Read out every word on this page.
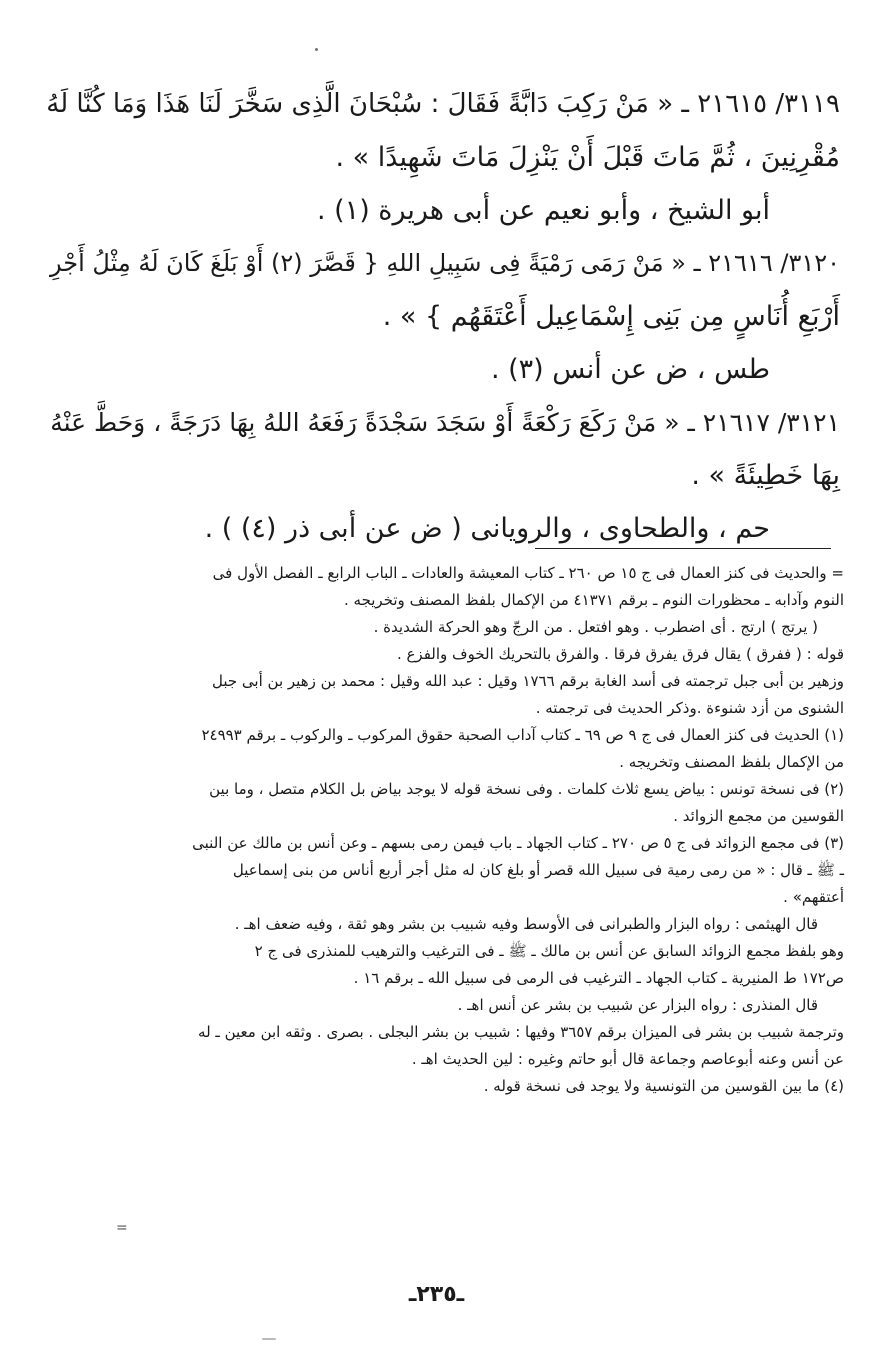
٣١١٩/ ٢١٦١٥ ـ « مَنْ رَكِبَ دَابَّةً فَقَالَ : سُبْحَانَ الَّذِى سَخَّرَ لَنَا هَذَا وَمَا كُنَّا لَهُ

مُقْرِنِينَ ، ثُمَّ مَاتَ قَبْلَ أَنْ يَنْزِلَ مَاتَ شَهِيدًا » .

أبو الشيخ ، وأبو نعيم عن أبى هريرة (١) .

٣١٢٠/ ٢١٦١٦ ـ « مَنْ رَمَى رَمْيَةً فِى سَبِيلِ اللهِ { قَصَّرَ (٢) أَوْ بَلَغَ كَانَ لَهُ مِثْلُ أَجْرِ

أَرْبَعِ أُنَاسٍ مِن بَنِى إِسْمَاعِيل أَعْتَقَهُم } » .

طس ، ض عن أنس (٣) .

٣١٢١/ ٢١٦١٧ ـ « مَنْ رَكَعَ رَكْعَةً أَوْ سَجَدَ سَجْدَةً رَفَعَهُ اللهُ بِهَا دَرَجَةً ، وَحَطَّ عَنْهُ

بِهَا خَطِيئَةً » .

حم ، والطحاوى ، والرويانى ( ض عن أبى ذر (٤) ) .

= والحديث فى كنز العمال فى ج ١٥ ص ٢٦٠ ـ كتاب المعيشة والعادات ـ الباب الرابع ـ الفصل الأول فى

النوم وآدابه ـ محظورات النوم ـ برقم ٤١٣٧١ من الإكمال بلفظ المصنف وتخريجه .

( يرتج ) ارتج . أى اضطرب . وهو افتعل . من الرجّ وهو الحركة الشديدة .

قوله : ( ففرق ) يقال فرق يفرق فرقا . والفرق بالتحريك الخوف والفزع .

وزهير بن أبى جبل ترجمته فى أسد الغابة برقم ١٧٦٦ وقيل : عبد الله وقيل : محمد بن زهير بن أبى جبل

الشنوى من أزد شنوءة .وذكر الحديث فى ترجمته .

(١) الحديث فى كنز العمال فى ج ٩ ص ٦٩ ـ كتاب آداب الصحبة حقوق المركوب ـ والركوب ـ برقم ٢٤٩٩٣

من الإكمال بلفظ المصنف وتخريجه .

(٢) فى نسخة تونس : بياض يسع ثلاث كلمات . وفى نسخة قوله لا يوجد بياض بل الكلام متصل ، وما بين

القوسين من مجمع الزوائد .

(٣) فى مجمع الزوائد فى ج ٥ ص ٢٧٠ ـ كتاب الجهاد ـ باب فيمن رمى بسهم ـ وعن أنس بن مالك عن النبى

ـ ﷺ ـ قال : « من رمى رمية فى سبيل الله قصر أو بلغ كان له مثل أجر أربع أناس من بنى إسماعيل

أعتقهم» .

قال الهيثمى : رواه البزار والطبرانى فى الأوسط وفيه شبيب بن بشر وهو ثقة ، وفيه ضعف اهـ .

وهو بلفظ مجمع الزوائد السابق عن أنس بن مالك ـ ﷺ ـ فى الترغيب والترهيب للمنذرى فى ج ٢

ص١٧٢ ط المنيرية ـ كتاب الجهاد ـ الترغيب فى الرمى فى سبيل الله ـ برقم ١٦ .

قال المنذرى : رواه البزار عن شبيب بن بشر عن أنس اهـ .

وترجمة شبيب بن بشر فى الميزان برقم ٣٦٥٧ وفيها : شبيب بن بشر البجلى . بصرى . وثقه ابن معين ـ له

عن أنس وعنه أبوعاصم وجماعة قال أبو حاتم وغيره : لين الحديث اهـ .

(٤) ما بين القوسين من التونسية ولا يوجد فى نسخة قوله .

=
ـ٢٣٥ـ
